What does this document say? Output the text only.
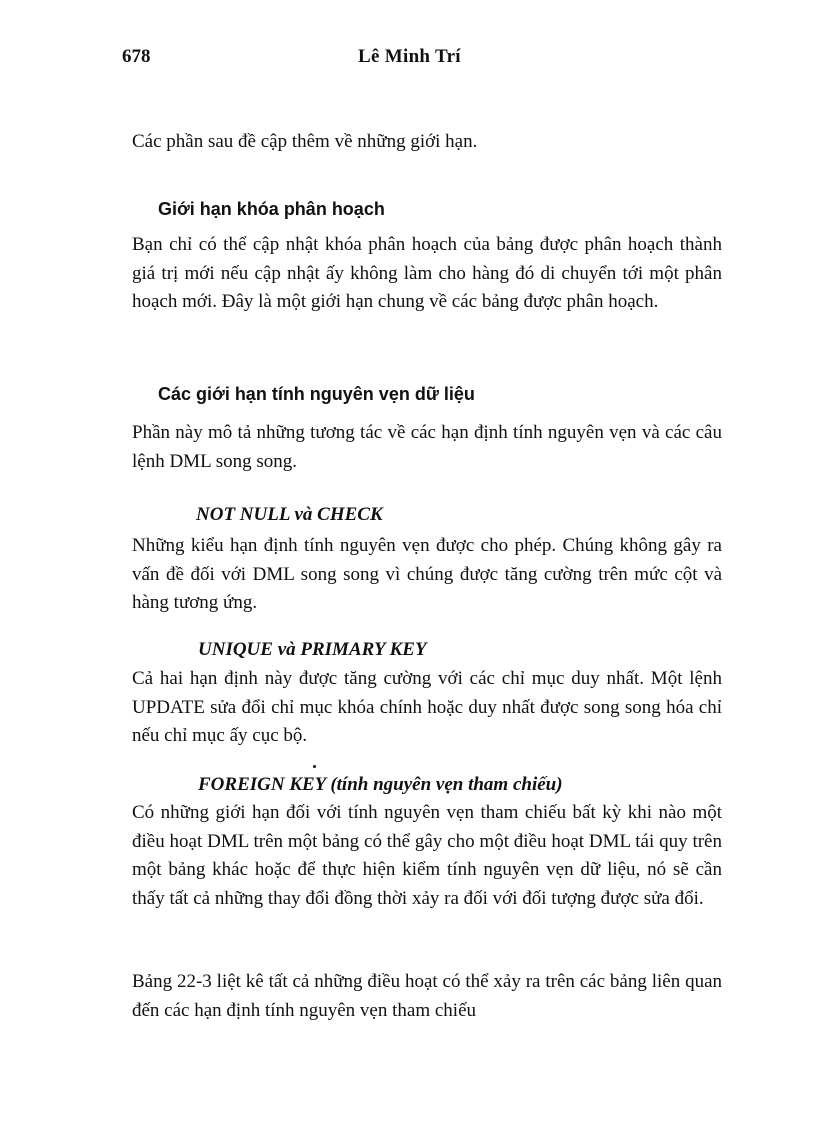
678	Lê Minh Trí

Các phần sau đề cập thêm về những giới hạn.

Giới hạn khóa phân hoạch

Bạn chỉ có thể cập nhật khóa phân hoạch của bảng được phân hoạch thành giá trị mới nếu cập nhật ấy không làm cho hàng đó di chuyển tới một phân hoạch mới. Đây là một giới hạn chung về các bảng được phân hoạch.

Các giới hạn tính nguyên vẹn dữ liệu

Phần này mô tả những tương tác về các hạn định tính nguyên vẹn và các câu lệnh DML song song.

NOT NULL và CHECK

Những kiểu hạn định tính nguyên vẹn được cho phép. Chúng không gây ra vấn đề đối với DML song song vì chúng được tăng cường trên mức cột và hàng tương ứng.

UNIQUE và PRIMARY KEY

Cả hai hạn định này được tăng cường với các chỉ mục duy nhất. Một lệnh UPDATE sửa đổi chỉ mục khóa chính hoặc duy nhất được song song hóa chỉ nếu chỉ mục ấy cục bộ.

FOREIGN KEY (tính nguyên vẹn tham chiếu)

Có những giới hạn đối với tính nguyên vẹn tham chiếu bất kỳ khi nào một điều hoạt DML trên một bảng có thể gây cho một điều hoạt DML tái quy trên một bảng khác hoặc để thực hiện kiểm tính nguyên vẹn dữ liệu, nó sẽ cần thấy tất cả những thay đổi đồng thời xảy ra đối với đối tượng được sửa đổi.

Bảng 22-3 liệt kê tất cả những điều hoạt có thể xảy ra trên các bảng liên quan đến các hạn định tính nguyên vẹn tham chiếu
